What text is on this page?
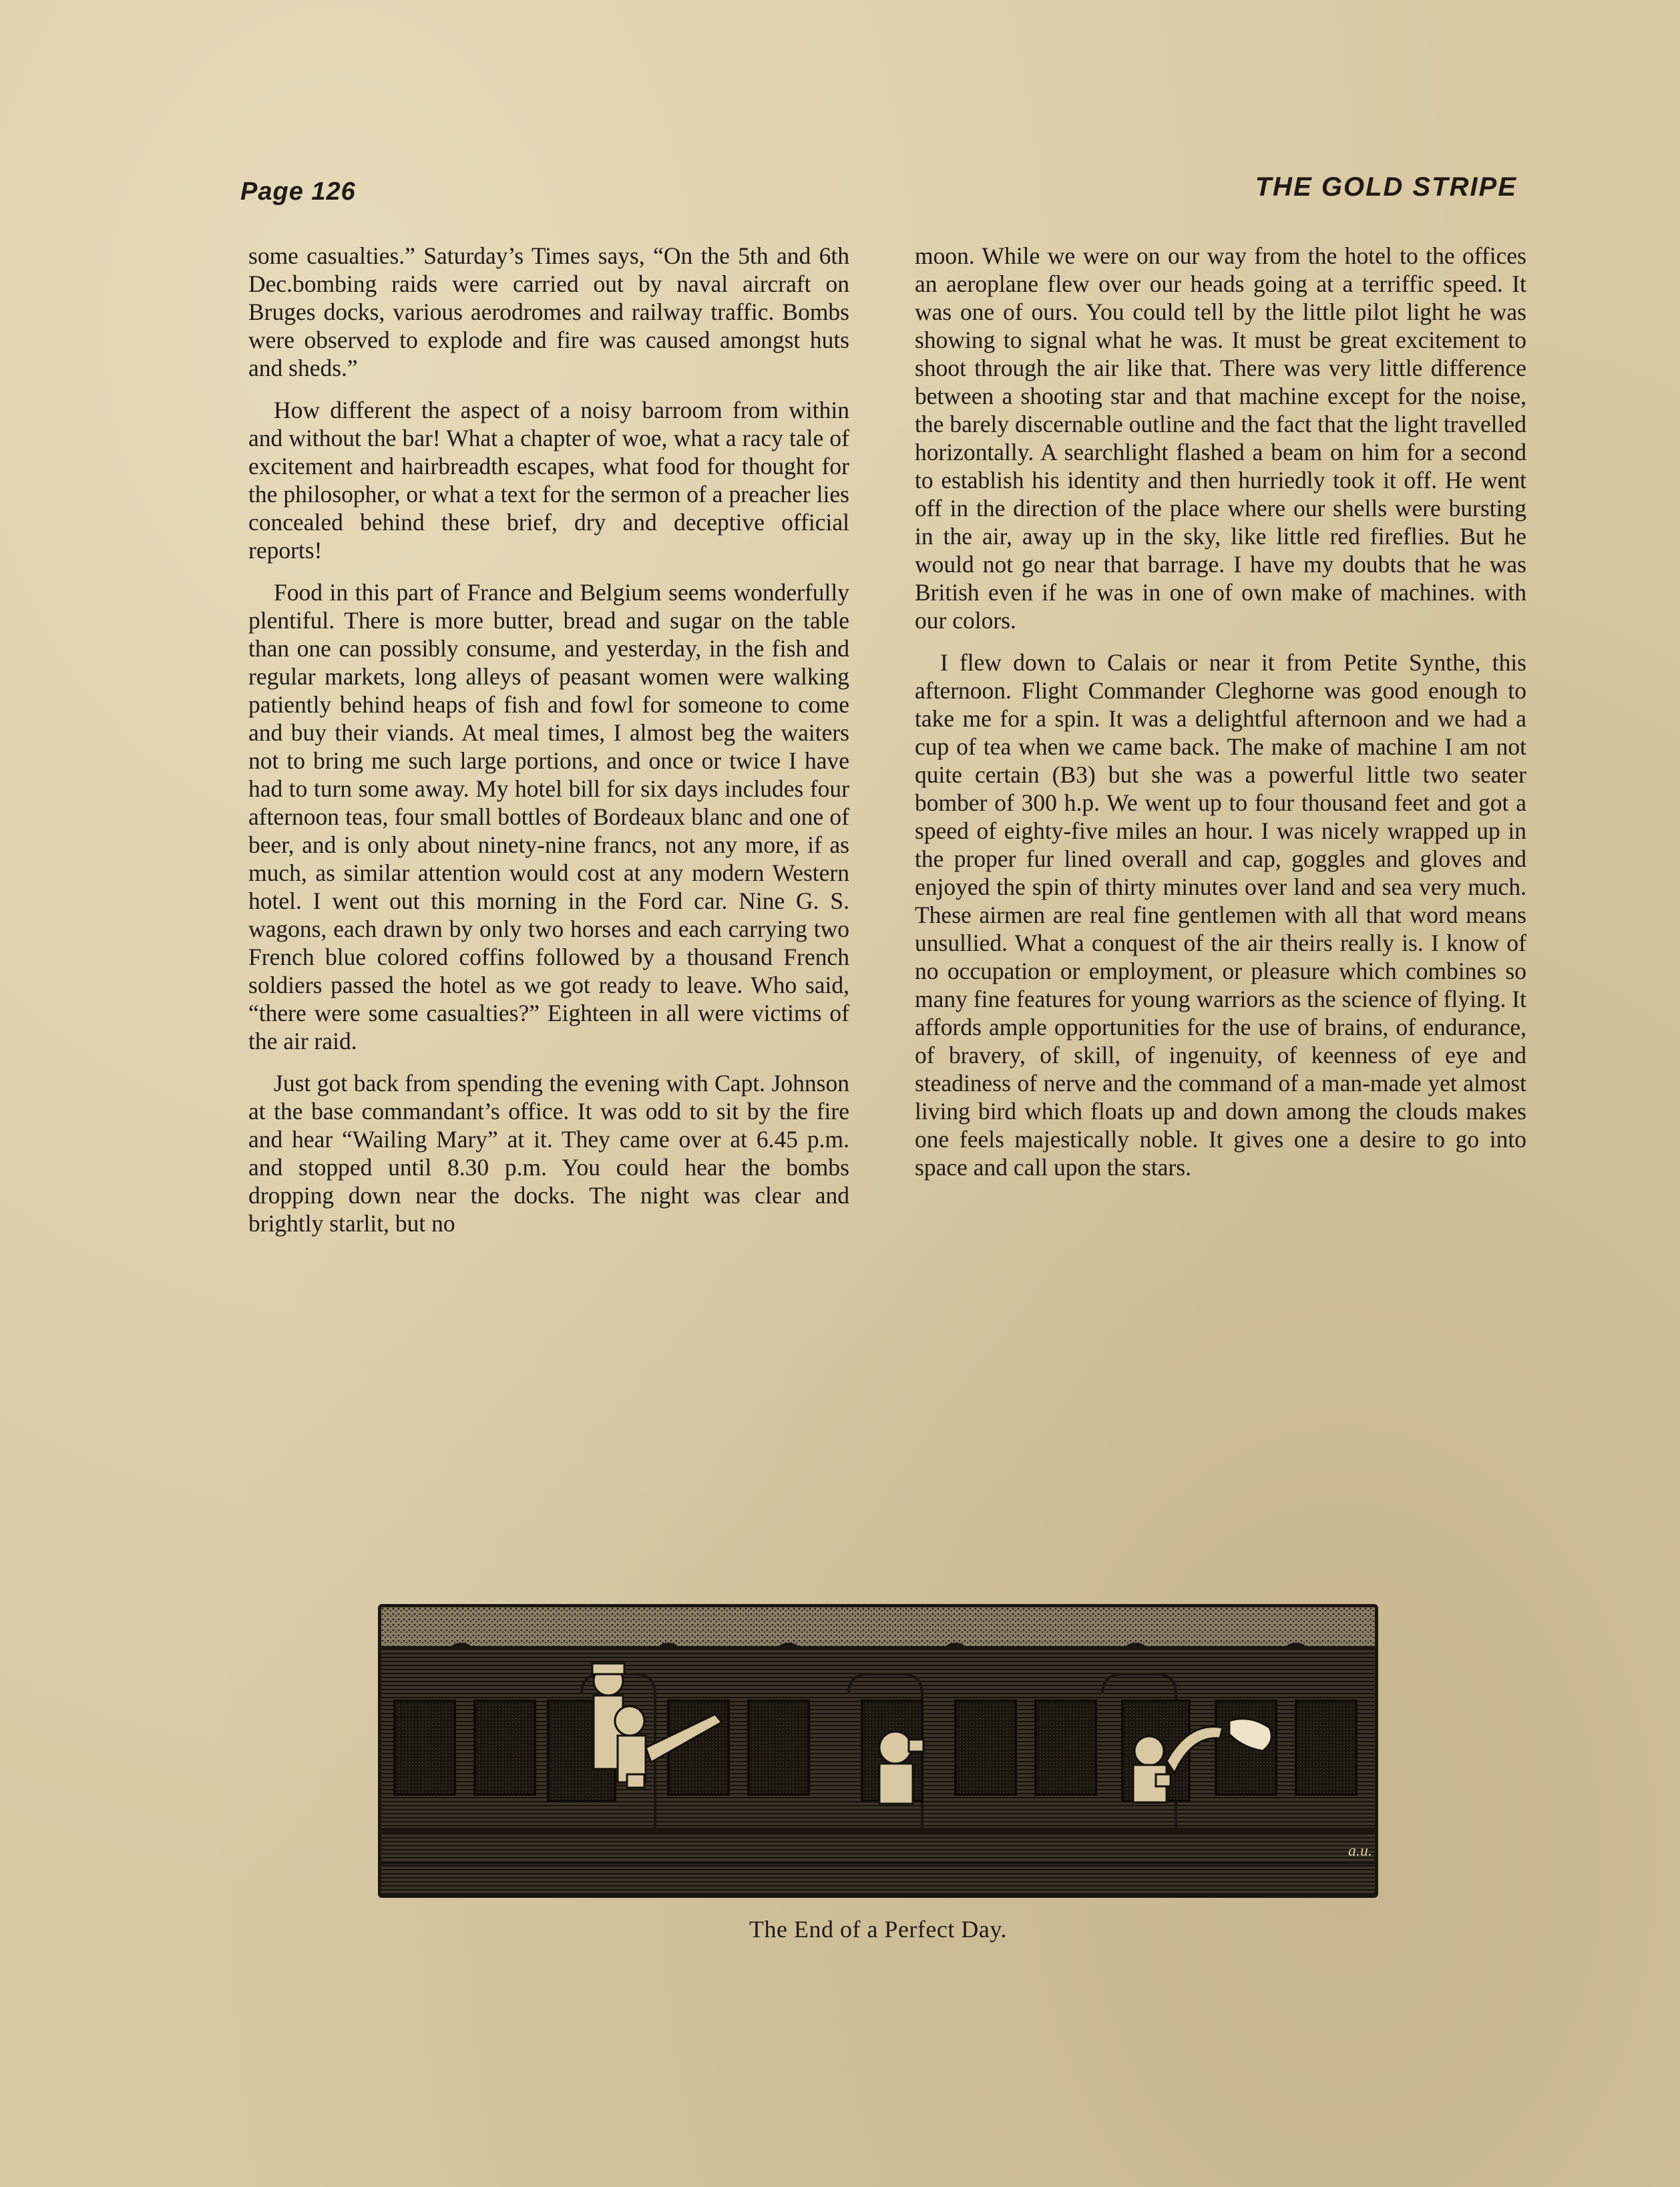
Page 126	THE GOLD STRIPE

some casualties.” Saturday’s Times says, “On the 5th and 6th Dec.bombing raids were carried out by naval aircraft on Bruges docks, various aerodromes and railway traffic. Bombs were observed to explode and fire was caused amongst huts and sheds.”

How different the aspect of a noisy barroom from within and without the bar! What a chapter of woe, what a racy tale of excitement and hairbreadth escapes, what food for thought for the philosopher, or what a text for the sermon of a preacher lies concealed behind these brief, dry and deceptive official reports!

Food in this part of France and Belgium seems wonderfully plentiful. There is more butter, bread and sugar on the table than one can possibly consume, and yesterday, in the fish and regular markets, long alleys of peasant women were walking patiently behind heaps of fish and fowl for someone to come and buy their viands. At meal times, I almost beg the waiters not to bring me such large portions, and once or twice I have had to turn some away. My hotel bill for six days includes four afternoon teas, four small bottles of Bordeaux blanc and one of beer, and is only about ninety-nine francs, not any more, if as much, as similar attention would cost at any modern Western hotel. I went out this morning in the Ford car. Nine G. S. wagons, each drawn by only two horses and each carrying two French blue colored coffins followed by a thousand French soldiers passed the hotel as we got ready to leave. Who said, “there were some casualties?” Eighteen in all were victims of the air raid.

Just got back from spending the evening with Capt. Johnson at the base commandant’s office. It was odd to sit by the fire and hear “Wailing Mary” at it. They came over at 6.45 p.m. and stopped until 8.30 p.m. You could hear the bombs dropping down near the docks. The night was clear and brightly starlit, but no

moon. While we were on our way from the hotel to the offices an aeroplane flew over our heads going at a terriffic speed. It was one of ours. You could tell by the little pilot light he was showing to signal what he was. It must be great excitement to shoot through the air like that. There was very little difference between a shooting star and that machine except for the noise, the barely discernable outline and the fact that the light travelled horizontally. A searchlight flashed a beam on him for a second to establish his identity and then hurriedly took it off. He went off in the direction of the place where our shells were bursting in the air, away up in the sky, like little red fireflies. But he would not go near that barrage. I have my doubts that he was British even if he was in one of own make of machines. with our colors.

I flew down to Calais or near it from Petite Synthe, this afternoon. Flight Commander Cleghorne was good enough to take me for a spin. It was a delightful afternoon and we had a cup of tea when we came back. The make of machine I am not quite certain (B3) but she was a powerful little two seater bomber of 300 h.p. We went up to four thousand feet and got a speed of eighty-five miles an hour. I was nicely wrapped up in the proper fur lined overall and cap, goggles and gloves and enjoyed the spin of thirty minutes over land and sea very much. These airmen are real fine gentlemen with all that word means unsullied. What a conquest of the air theirs really is. I know of no occupation or employment, or pleasure which combines so many fine features for young warriors as the science of flying. It affords ample opportunities for the use of brains, of endurance, of bravery, of skill, of ingenuity, of keenness of eye and steadiness of nerve and the command of a man-made yet almost living bird which floats up and down among the clouds makes one feels majestically noble. It gives one a desire to go into space and call upon the stars.

a.u.
The End of a Perfect Day.
